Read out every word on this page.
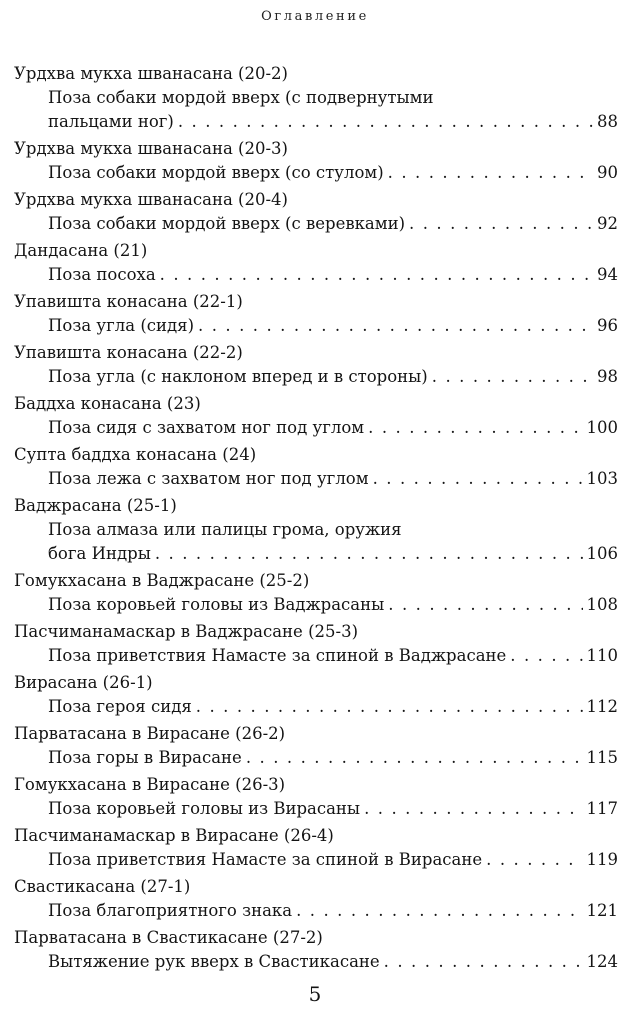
Оглавление
Урдхва мукха шванасана (20-2)
Поза собаки мордой вверх (с подвернутыми
пальцами ног) . . .	88
Урдхва мукха шванасана (20-3)
Поза собаки мордой вверх (со стулом) . . .	90
Урдхва мукха шванасана (20-4)
Поза собаки мордой вверх (с веревками) . . .	92
Дандасана (21)
Поза посоха . . .	94
Упавишта конасана (22-1)
Поза угла (сидя) . . .	96
Упавишта конасана (22-2)
Поза угла (с наклоном вперед и в стороны) . . .	98
Баддха конасана (23)
Поза сидя с захватом ног под углом . . .	100
Супта баддха конасана (24)
Поза лежа с захватом ног под углом . . .	103
Ваджрасана (25-1)
Поза алмаза или палицы грома, оружия
бога Индры . . .	106
Гомукхасана в Ваджрасане (25-2)
Поза коровьей головы из Ваджрасаны . . .	108
Пасчиманамаскар в Ваджрасане (25-3)
Поза приветствия Намасте за спиной в Ваджрасане . . .	110
Вирасана (26-1)
Поза героя сидя . . .	112
Парватасана в Вирасане (26-2)
Поза горы в Вирасане . . .	115
Гомукхасана в Вирасане (26-3)
Поза коровьей головы из Вирасаны . . .	117
Пасчиманамаскар в Вирасане (26-4)
Поза приветствия Намасте за спиной в Вирасане . . .	119
Свастикасана (27-1)
Поза благоприятного знака . . .	121
Парватасана в Свастикасане (27-2)
Вытяжение рук вверх в Свастикасане . . .	124
5
